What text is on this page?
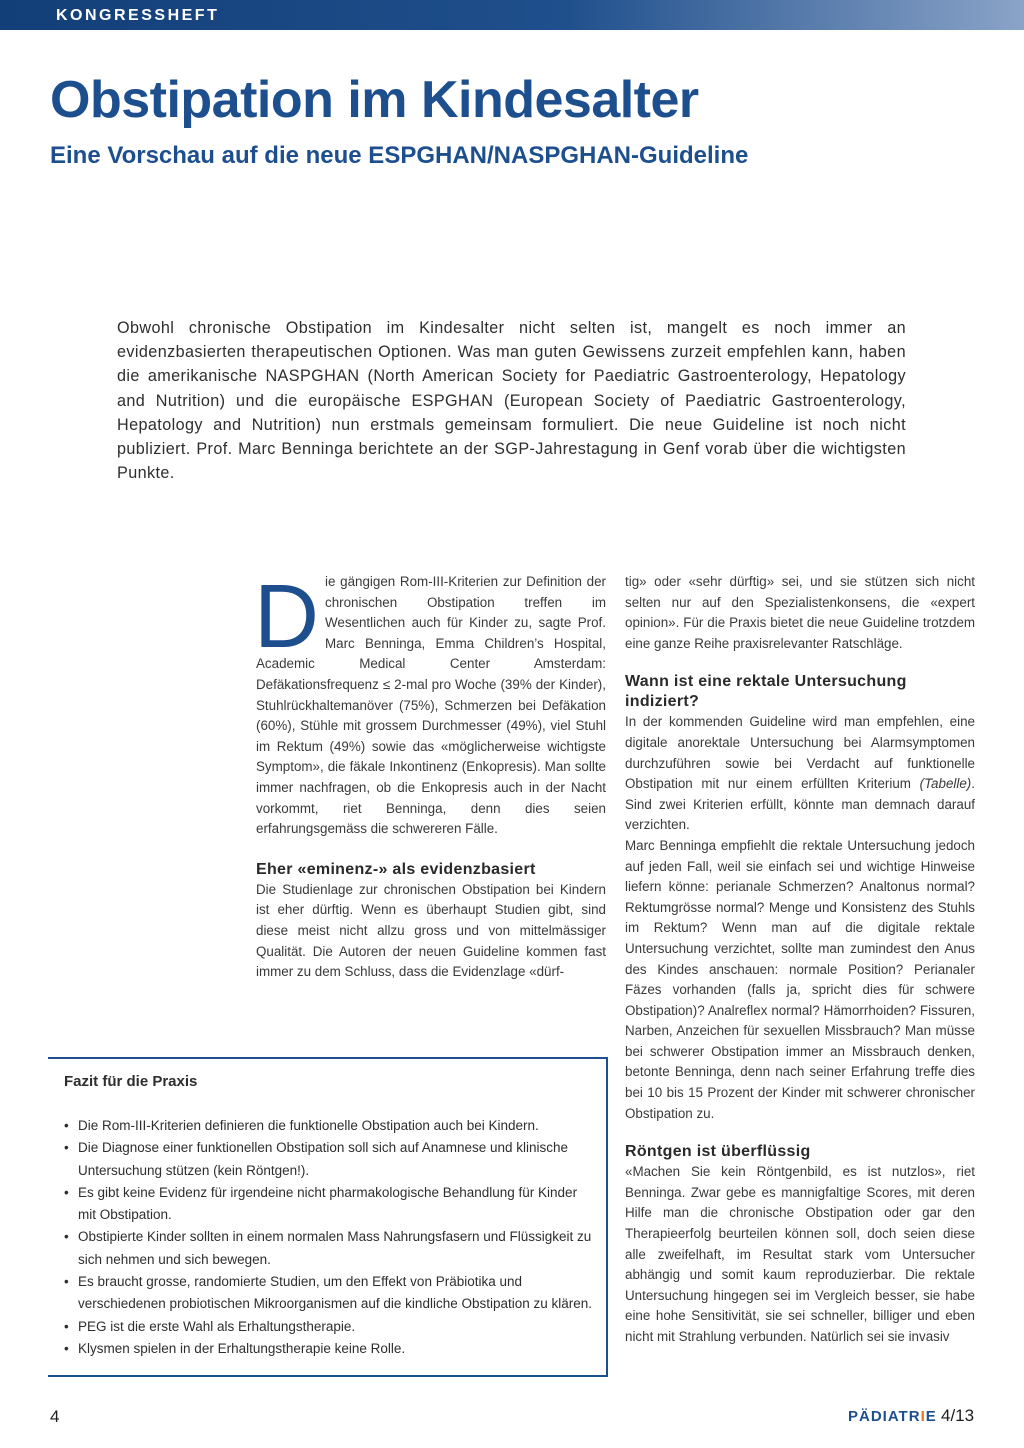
KONGRESSHEFT
Obstipation im Kindesalter
Eine Vorschau auf die neue ESPGHAN/NASPGHAN-Guideline

Obwohl chronische Obstipation im Kindesalter nicht selten ist, mangelt es noch immer an evidenzbasierten therapeutischen Optionen. Was man guten Gewissens zurzeit empfehlen kann, haben die amerikanische NASPGHAN (North American Society for Paediatric Gastroenterology, Hepatology and Nutrition) und die europäische ESPGHAN (European Society of Paediatric Gastroenterology, Hepatology and Nutrition) nun erstmals gemeinsam formuliert. Die neue Guideline ist noch nicht publiziert. Prof. Marc Benninga berichtete an der SGP-Jahrestagung in Genf vorab über die wichtigsten Punkte.

Die gängigen Rom-III-Kriterien zur Definition der chronischen Obstipation treffen im Wesentlichen auch für Kinder zu, sagte Prof. Marc Benninga, Emma Children’s Hospital, Academic Medical Center Amsterdam: Defäkationsfrequenz ≤ 2-mal pro Woche (39% der Kinder), Stuhlrückhaltemanöver (75%), Schmerzen bei Defäkation (60%), Stühle mit grossem Durchmesser (49%), viel Stuhl im Rektum (49%) sowie das «möglicherweise wichtigste Symptom», die fäkale Inkontinenz (Enkopresis). Man sollte immer nachfragen, ob die Enkopresis auch in der Nacht vorkommt, riet Benninga, denn dies seien erfahrungsgemäss die schwereren Fälle.

Eher «eminenz-» als evidenzbasiert

Die Studienlage zur chronischen Obstipation bei Kindern ist eher dürftig. Wenn es überhaupt Studien gibt, sind diese meist nicht allzu gross und von mittelmässiger Qualität. Die Autoren der neuen Guideline kommen fast immer zu dem Schluss, dass die Evidenzlage «dürf-

tig» oder «sehr dürftig» sei, und sie stützen sich nicht selten nur auf den Spezialistenkonsens, die «expert opinion». Für die Praxis bietet die neue Guideline trotzdem eine ganze Reihe praxisrelevanter Ratschläge.

Wann ist eine rektale Untersuchung indiziert?

In der kommenden Guideline wird man empfehlen, eine digitale anorektale Untersuchung bei Alarmsymptomen durchzuführen sowie bei Verdacht auf funktionelle Obstipation mit nur einem erfüllten Kriterium (Tabelle). Sind zwei Kriterien erfüllt, könnte man demnach darauf verzichten.

Marc Benninga empfiehlt die rektale Untersuchung jedoch auf jeden Fall, weil sie einfach sei und wichtige Hinweise liefern könne: perianale Schmerzen? Analtonus normal? Rektumgrösse normal? Menge und Konsistenz des Stuhls im Rektum? Wenn man auf die digitale rektale Untersuchung verzichtet, sollte man zumindest den Anus des Kindes anschauen: normale Position? Perianaler Fäzes vorhanden (falls ja, spricht dies für schwere Obstipation)? Analreflex normal? Hämorrhoiden? Fissuren, Narben, Anzeichen für sexuellen Missbrauch? Man müsse bei schwerer Obstipation immer an Missbrauch denken, betonte Benninga, denn nach seiner Erfahrung treffe dies bei 10 bis 15 Prozent der Kinder mit schwerer chronischer Obstipation zu.

Röntgen ist überflüssig

«Machen Sie kein Röntgenbild, es ist nutzlos», riet Benninga. Zwar gebe es mannigfaltige Scores, mit deren Hilfe man die chronische Obstipation oder gar den Therapieerfolg beurteilen können soll, doch seien diese alle zweifelhaft, im Resultat stark vom Untersucher abhängig und somit kaum reproduzierbar. Die rektale Untersuchung hingegen sei im Vergleich besser, sie habe eine hohe Sensitivität, sie sei schneller, billiger und eben nicht mit Strahlung verbunden. Natürlich sei sie invasiv

Fazit für die Praxis
• Die Rom-III-Kriterien definieren die funktionelle Obstipation auch bei Kindern.
• Die Diagnose einer funktionellen Obstipation soll sich auf Anamnese und klinische Untersuchung stützen (kein Röntgen!).
• Es gibt keine Evidenz für irgendeine nicht pharmakologische Behandlung für Kinder mit Obstipation.
• Obstipierte Kinder sollten in einem normalen Mass Nahrungsfasern und Flüssigkeit zu sich nehmen und sich bewegen.
• Es braucht grosse, randomierte Studien, um den Effekt von Präbiotika und verschiedenen probiotischen Mikroorganismen auf die kindliche Obstipation zu klären.
• PEG ist die erste Wahl als Erhaltungstherapie.
• Klysmen spielen in der Erhaltungstherapie keine Rolle.
4	PÄDIATRIE 4/13
